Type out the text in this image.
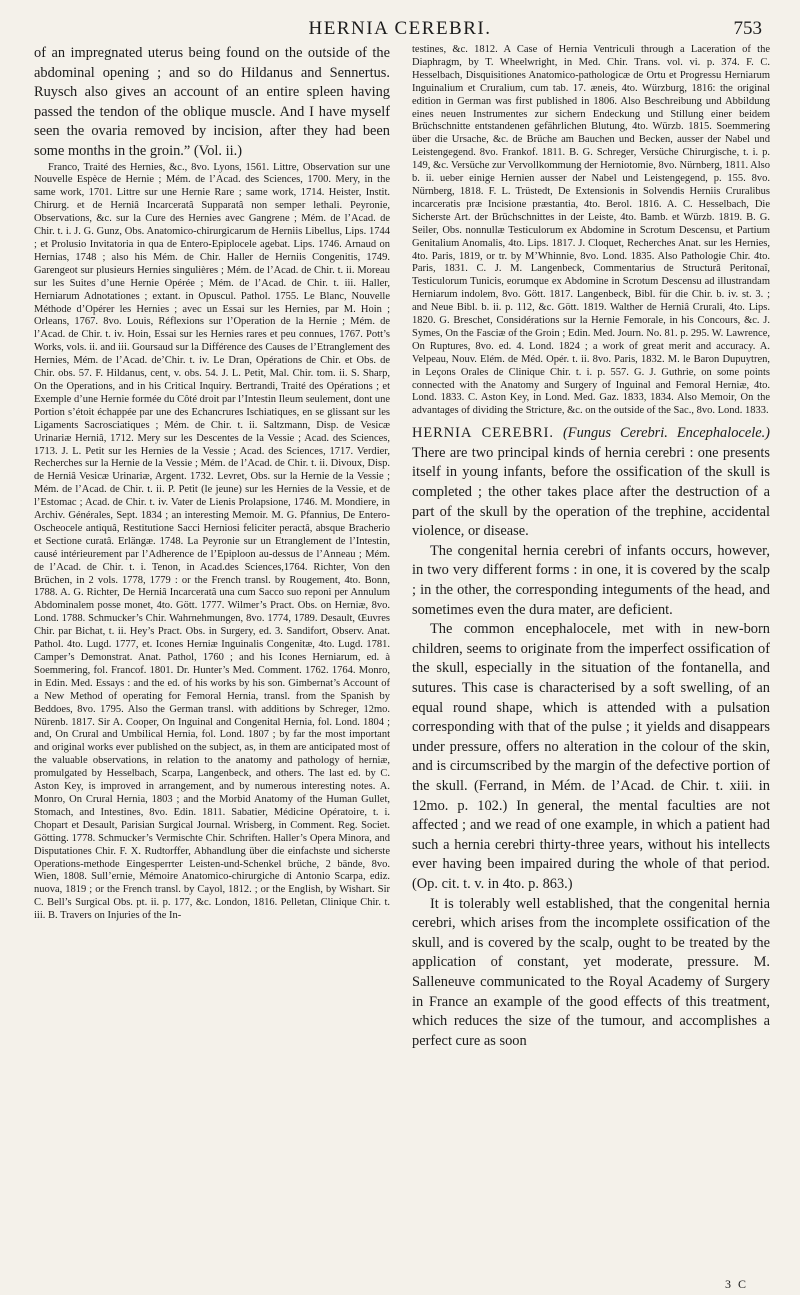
HERNIA CEREBRI.	753

of an impregnated uterus being found on the outside of the abdominal opening ; and so do Hildanus and Sennertus. Ruysch also gives an account of an entire spleen having passed the tendon of the oblique muscle. And I have myself seen the ovaria removed by incision, after they had been some months in the groin.” (Vol. ii.)

Franco, Traité des Hernies, &c., 8vo. Lyons, 1561. Littre, Observation sur une Nouvelle Espèce de Hernie ; Mém. de l’Acad. des Sciences, 1700. Mery, in the same work, 1701. Littre sur une Hernie Rare ; same work, 1714. Heister, Instit. Chirurg. et de Herniâ Incarceratâ Supparatâ non semper lethali. Peyronie, Observations, &c. sur la Cure des Hernies avec Gangrene ; Mém. de l’Acad. de Chir. t. i. J. G. Gunz, Obs. Anatomico-chirurgicarum de Herniis Libellus, Lips. 1744 ; et Prolusio Invitatoria in qua de Entero-Epiplocele agebat. Lips. 1746. Arnaud on Hernias, 1748 ; also his Mém. de Chir. Haller de Herniis Congenitis, 1749. Garengeot sur plusieurs Hernies singulières ; Mém. de l’Acad. de Chir. t. ii. Moreau sur les Suites d’une Hernie Opérée ; Mém. de l’Acad. de Chir. t. iii. Haller, Herniarum Adnotationes ; extant. in Opuscul. Pathol. 1755. Le Blanc, Nouvelle Méthode d’Opérer les Hernies ; avec un Essai sur les Hernies, par M. Hoin ; Orleans, 1767. 8vo. Louis, Réflexions sur l’Operation de la Hernie ; Mém. de l’Acad. de Chir. t. iv. Hoin, Essai sur les Hernies rares et peu connues, 1767. Pott’s Works, vols. ii. and iii. Goursaud sur la Différence des Causes de l’Etranglement des Hernies, Mém. de l’Acad. de’Chir. t. iv. Le Dran, Opérations de Chir. et Obs. de Chir. obs. 57. F. Hildanus, cent, v. obs. 54. J. L. Petit, Mal. Chir. tom. ii. S. Sharp, On the Operations, and in his Critical Inquiry. Bertrandi, Traité des Opérations ; et Exemple d’une Hernie formée du Côté droit par l’Intestin Ileum seulement, dont une Portion s’étoit échappée par une des Echancrures Ischiatiques, en se glissant sur les Ligaments Sacrosciatiques ; Mém. de Chir. t. ii. Saltzmann, Disp. de Vesicæ Urinariæ Herniâ, 1712. Mery sur les Descentes de la Vessie ; Acad. des Sciences, 1713. J. L. Petit sur les Hernies de la Vessie ; Acad. des Sciences, 1717. Verdier, Recherches sur la Hernie de la Vessie ; Mém. de l’Acad. de Chir. t. ii. Divoux, Disp. de Herniâ Vesicæ Urinariæ, Argent. 1732. Levret, Obs. sur la Hernie de la Vessie ; Mém. de l’Acad. de Chir. t. ii. P. Petit (le jeune) sur les Hernies de la Vessie, et de l’Estomac ; Acad. de Chir. t. iv. Vater de Lienis Prolapsione, 1746. M. Mondiere, in Archiv. Générales, Sept. 1834 ; an interesting Memoir. M. G. Pfannius, De Entero-Oscheocele antiquâ, Restitutione Sacci Herniosi feliciter peractâ, absque Bracherio et Sectione curatâ. Erlängæ. 1748. La Peyronie sur un Etranglement de l’Intestin, causé intérieurement par l’Adherence de l’Epiploon au-dessus de l’Anneau ; Mém. de l’Acad. de Chir. t. i. Tenon, in Acad.des Sciences,1764. Richter, Von den Brüchen, in 2 vols. 1778, 1779 : or the French transl. by Rougement, 4to. Bonn, 1788. A. G. Richter, De Herniâ Incarceratâ una cum Sacco suo reponi per Annulum Abdominalem posse monet, 4to. Gött. 1777. Wilmer’s Pract. Obs. on Herniæ, 8vo. Lond. 1788. Schmucker’s Chir. Wahrnehmungen, 8vo. 1774, 1789. Desault, Œuvres Chir. par Bichat, t. ii. Hey’s Pract. Obs. in Surgery, ed. 3. Sandifort, Observ. Anat. Pathol. 4to. Lugd. 1777, et. Icones Herniæ Inguinalis Congenitæ, 4to. Lugd. 1781. Camper’s Demonstrat. Anat. Pathol, 1760 ; and his Icones Herniarum, ed. à Soemmering, fol. Francof. 1801. Dr. Hunter’s Med. Comment. 1762. 1764. Monro, in Edin. Med. Essays : and the ed. of his works by his son. Gimbernat’s Account of a New Method of operating for Femoral Hernia, transl. from the Spanish by Beddoes, 8vo. 1795. Also the German transl. with additions by Schreger, 12mo. Nürenb. 1817. Sir A. Cooper, On Inguinal and Congenital Hernia, fol. Lond. 1804 ; and, On Crural and Umbilical Hernia, fol. Lond. 1807 ; by far the most important and original works ever published on the subject, as, in them are anticipated most of the valuable observations, in relation to the anatomy and pathology of herniæ, promulgated by Hesselbach, Scarpa, Langenbeck, and others. The last ed. by C. Aston Key, is improved in arrangement, and by numerous interesting notes. A. Monro, On Crural Hernia, 1803 ; and the Morbid Anatomy of the Human Gullet, Stomach, and Intestines, 8vo. Edin. 1811. Sabatier, Médicine Opératoire, t. i. Chopart et Desault, Parisian Surgical Journal. Wrisberg, in Comment. Reg. Societ. Götting. 1778. Schmucker’s Vermischte Chir. Schriften. Haller’s Opera Minora, and Disputationes Chir. F. X. Rudtorffer, Abhandlung über die einfachste und sicherste Operations-methode Eingesperrter Leisten-und-Schenkel brüche, 2 bände, 8vo. Wien, 1808. Sull’ernie, Mémoire Anatomico-chirurgiche di Antonio Scarpa, ediz. nuova, 1819 ; or the French transl. by Cayol, 1812. ; or the English, by Wishart. Sir C. Bell’s Surgical Obs. pt. ii. p. 177, &c. London, 1816. Pelletan, Clinique Chir. t. iii. B. Travers on Injuries of the In-

testines, &c. 1812. A Case of Hernia Ventriculi through a Laceration of the Diaphragm, by T. Wheelwright, in Med. Chir. Trans. vol. vi. p. 374. F. C. Hesselbach, Disquisitiones Anatomico-pathologicæ de Ortu et Progressu Herniarum Inguinalium et Cruralium, cum tab. 17. æneis, 4to. Würzburg, 1816: the original edition in German was first published in 1806. Also Beschreibung und Abbildung eines neuen Instrumentes zur sichern Endeckung und Stillung einer beidem Brüchschnitte entstandenen gefährlichen Blutung, 4to. Würzb. 1815. Soemmering über die Ursache, &c. de Brüche am Bauchen und Becken, ausser der Nabel und Leistengegend. 8vo. Frankof. 1811. B. G. Schreger, Versüche Chirurgische, t. i. p. 149, &c. Versüche zur Vervollkommung der Herniotomie, 8vo. Nürnberg, 1811. Also b. ii. ueber einige Hernien ausser der Nabel und Leistengegend, p. 155. 8vo. Nürnberg, 1818. F. L. Trüstedt, De Extensionis in Solvendis Herniis Cruralibus incarceratis præ Incisione præstantia, 4to. Berol. 1816. A. C. Hesselbach, Die Sicherste Art. der Brüchschnittes in der Leiste, 4to. Bamb. et Würzb. 1819. B. G. Seiler, Obs. nonnullæ Testiculorum ex Abdomine in Scrotum Descensu, et Partium Genitalium Anomalis, 4to. Lips. 1817. J. Cloquet, Recherches Anat. sur les Hernies, 4to. Paris, 1819, or tr. by M’Whinnie, 8vo. Lond. 1835. Also Pathologie Chir. 4to. Paris, 1831. C. J. M. Langenbeck, Commentarius de Structurâ Peritonaî, Testiculorum Tunicis, eorumque ex Abdomine in Scrotum Descensu ad illustrandam Herniarum indolem, 8vo. Gött. 1817. Langenbeck, Bibl. für die Chir. b. iv. st. 3. ; and Neue Bibl. b. ii. p. 112, &c. Gött. 1819. Walther de Herniâ Crurali, 4to. Lips. 1820. G. Breschet, Considérations sur la Hernie Femorale, in his Concours, &c. J. Symes, On the Fasciæ of the Groin ; Edin. Med. Journ. No. 81. p. 295. W. Lawrence, On Ruptures, 8vo. ed. 4. Lond. 1824 ; a work of great merit and accuracy. A. Velpeau, Nouv. Elém. de Méd. Opér. t. ii. 8vo. Paris, 1832. M. le Baron Dupuytren, in Leçons Orales de Clinique Chir. t. i. p. 557. G. J. Guthrie, on some points connected with the Anatomy and Surgery of Inguinal and Femoral Herniæ, 4to. Lond. 1833. C. Aston Key, in Lond. Med. Gaz. 1833, 1834. Also Memoir, On the advantages of dividing the Stricture, &c. on the outside of the Sac., 8vo. Lond. 1833.

HERNIA CEREBRI. (Fungus Cerebri. Encephalocele.) There are two principal kinds of hernia cerebri : one presents itself in young infants, before the ossification of the skull is completed ; the other takes place after the destruction of a part of the skull by the operation of the trephine, accidental violence, or disease.

The congenital hernia cerebri of infants occurs, however, in two very different forms : in one, it is covered by the scalp ; in the other, the corresponding integuments of the head, and sometimes even the dura mater, are deficient.

The common encephalocele, met with in new-born children, seems to originate from the imperfect ossification of the skull, especially in the situation of the fontanella, and sutures. This case is characterised by a soft swelling, of an equal round shape, which is attended with a pulsation corresponding with that of the pulse ; it yields and disappears under pressure, offers no alteration in the colour of the skin, and is circumscribed by the margin of the defective portion of the skull. (Ferrand, in Mém. de l’Acad. de Chir. t. xiii. in 12mo. p. 102.) In general, the mental faculties are not affected ; and we read of one example, in which a patient had such a hernia cerebri thirty-three years, without his intellects ever having been impaired during the whole of that period. (Op. cit. t. v. in 4to. p. 863.)

It is tolerably well established, that the congenital hernia cerebri, which arises from the incomplete ossification of the skull, and is covered by the scalp, ought to be treated by the application of constant, yet moderate, pressure. M. Salleneuve communicated to the Royal Academy of Surgery in France an example of the good effects of this treatment, which reduces the size of the tumour, and accomplishes a perfect cure as soon

3 C
